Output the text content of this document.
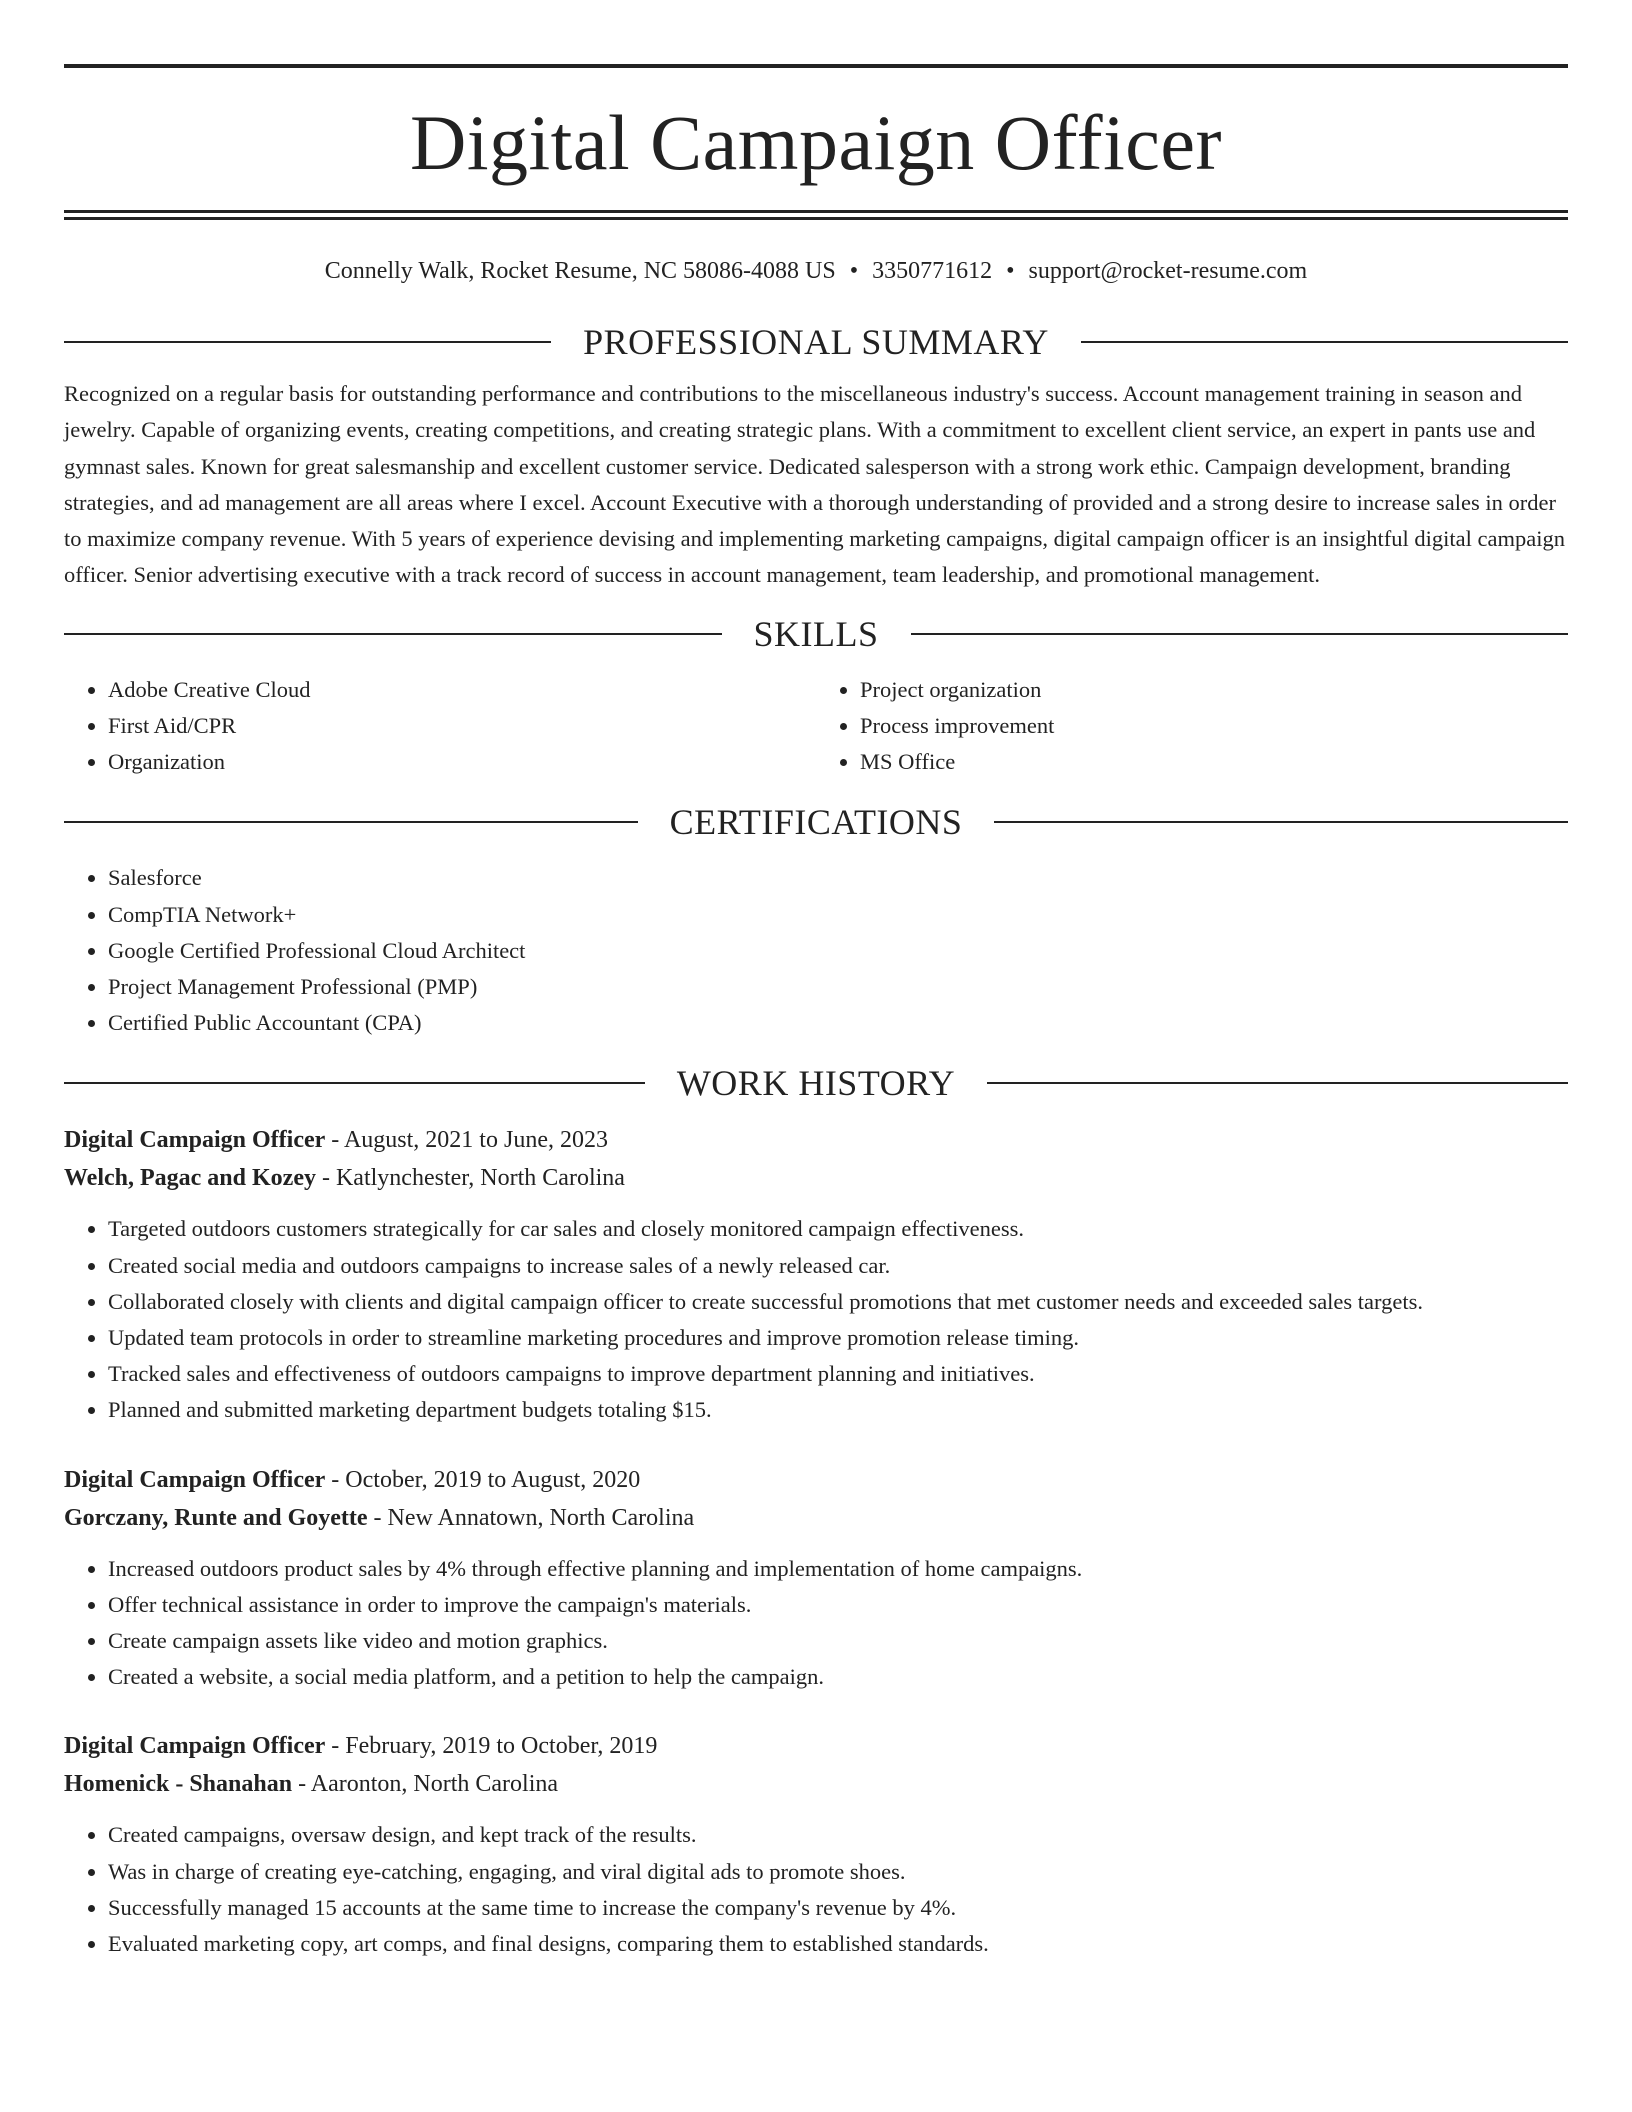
Digital Campaign Officer
Connelly Walk, Rocket Resume, NC 58086-4088 US • 3350771612 • support@rocket-resume.com
PROFESSIONAL SUMMARY
Recognized on a regular basis for outstanding performance and contributions to the miscellaneous industry's success. Account management training in season and jewelry. Capable of organizing events, creating competitions, and creating strategic plans. With a commitment to excellent client service, an expert in pants use and gymnast sales. Known for great salesmanship and excellent customer service. Dedicated salesperson with a strong work ethic. Campaign development, branding strategies, and ad management are all areas where I excel. Account Executive with a thorough understanding of provided and a strong desire to increase sales in order to maximize company revenue. With 5 years of experience devising and implementing marketing campaigns, digital campaign officer is an insightful digital campaign officer. Senior advertising executive with a track record of success in account management, team leadership, and promotional management.
SKILLS
• Adobe Creative Cloud
• First Aid/CPR
• Organization
• Project organization
• Process improvement
• MS Office
CERTIFICATIONS
• Salesforce
• CompTIA Network+
• Google Certified Professional Cloud Architect
• Project Management Professional (PMP)
• Certified Public Accountant (CPA)
WORK HISTORY
Digital Campaign Officer - August, 2021 to June, 2023
Welch, Pagac and Kozey - Katlynchester, North Carolina
• Targeted outdoors customers strategically for car sales and closely monitored campaign effectiveness.
• Created social media and outdoors campaigns to increase sales of a newly released car.
• Collaborated closely with clients and digital campaign officer to create successful promotions that met customer needs and exceeded sales targets.
• Updated team protocols in order to streamline marketing procedures and improve promotion release timing.
• Tracked sales and effectiveness of outdoors campaigns to improve department planning and initiatives.
• Planned and submitted marketing department budgets totaling $15.
Digital Campaign Officer - October, 2019 to August, 2020
Gorczany, Runte and Goyette - New Annatown, North Carolina
• Increased outdoors product sales by 4% through effective planning and implementation of home campaigns.
• Offer technical assistance in order to improve the campaign's materials.
• Create campaign assets like video and motion graphics.
• Created a website, a social media platform, and a petition to help the campaign.
Digital Campaign Officer - February, 2019 to October, 2019
Homenick - Shanahan - Aaronton, North Carolina
• Created campaigns, oversaw design, and kept track of the results.
• Was in charge of creating eye-catching, engaging, and viral digital ads to promote shoes.
• Successfully managed 15 accounts at the same time to increase the company's revenue by 4%.
• Evaluated marketing copy, art comps, and final designs, comparing them to established standards.
